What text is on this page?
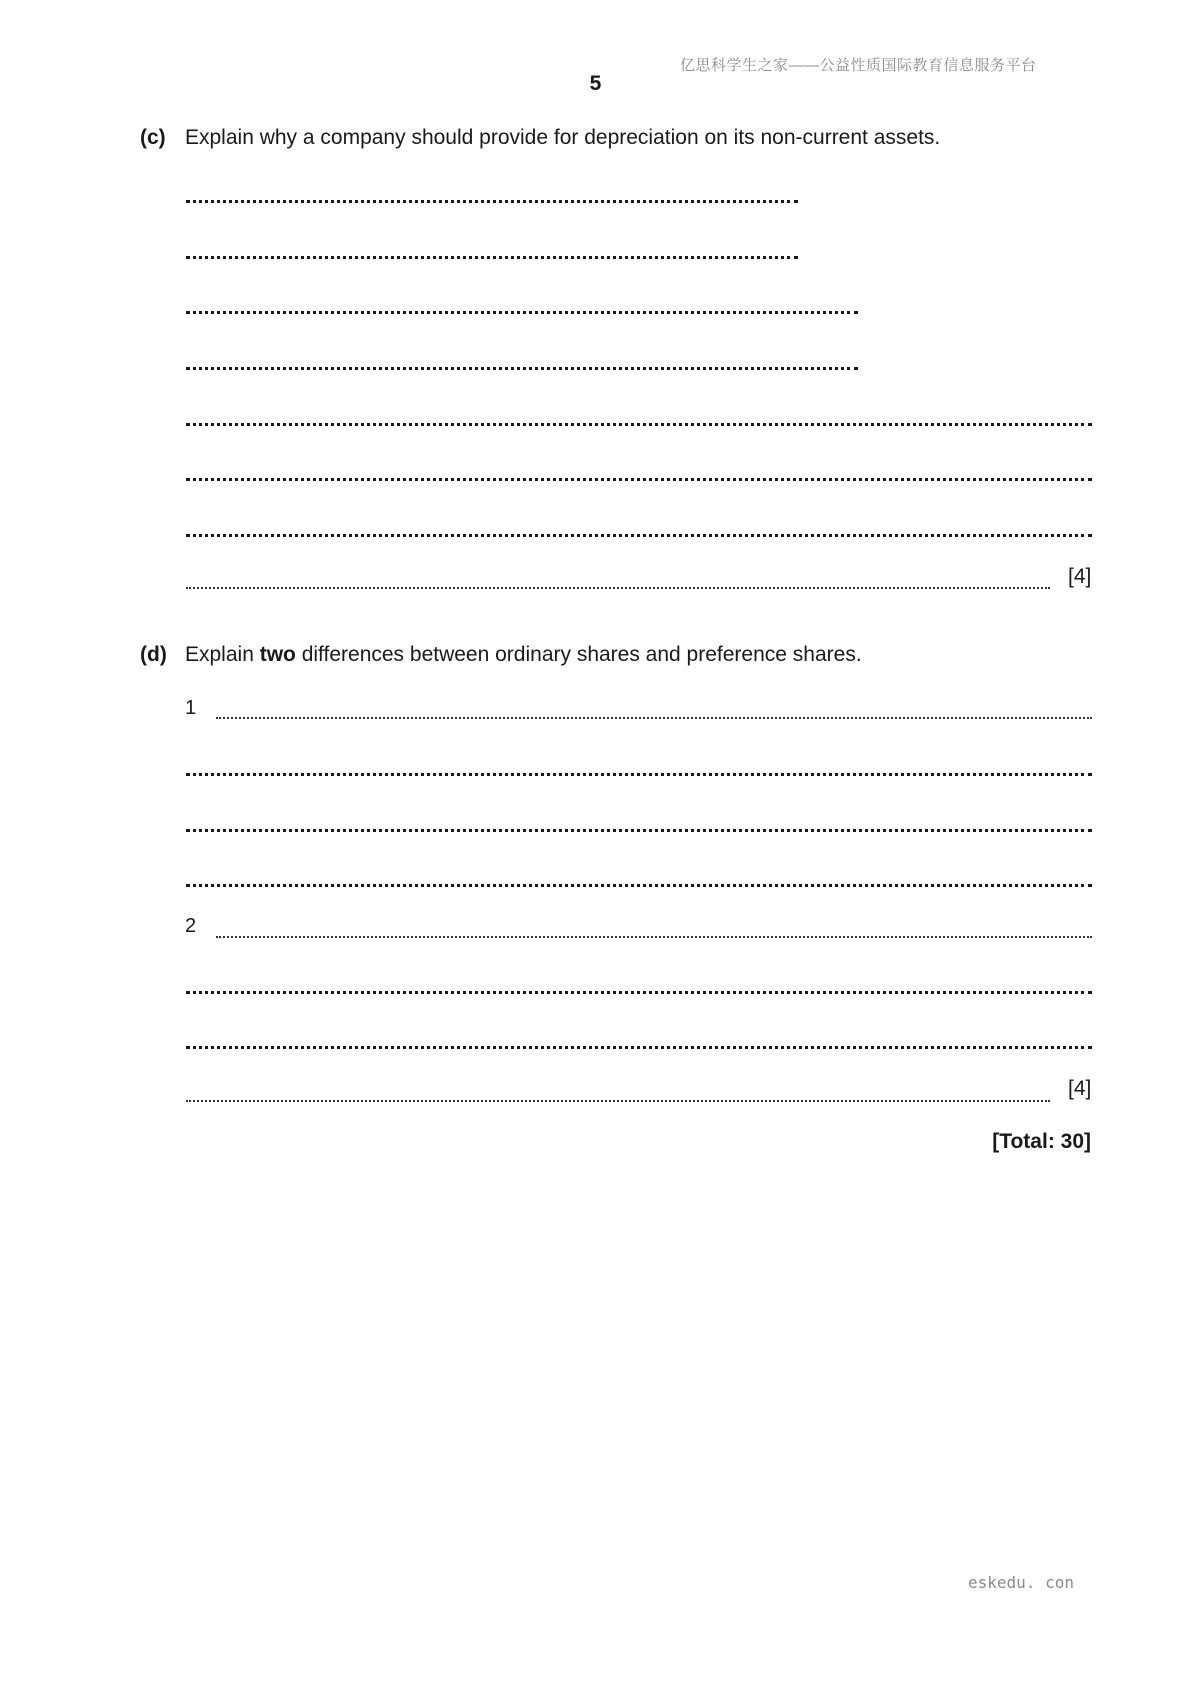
亿思科学生之家——公益性质国际教育信息服务平台
5
(c) Explain why a company should provide for depreciation on its non-current assets.
[4]
(d) Explain two differences between ordinary shares and preference shares.
1
2
[4]
[Total: 30]
eskedu. con
